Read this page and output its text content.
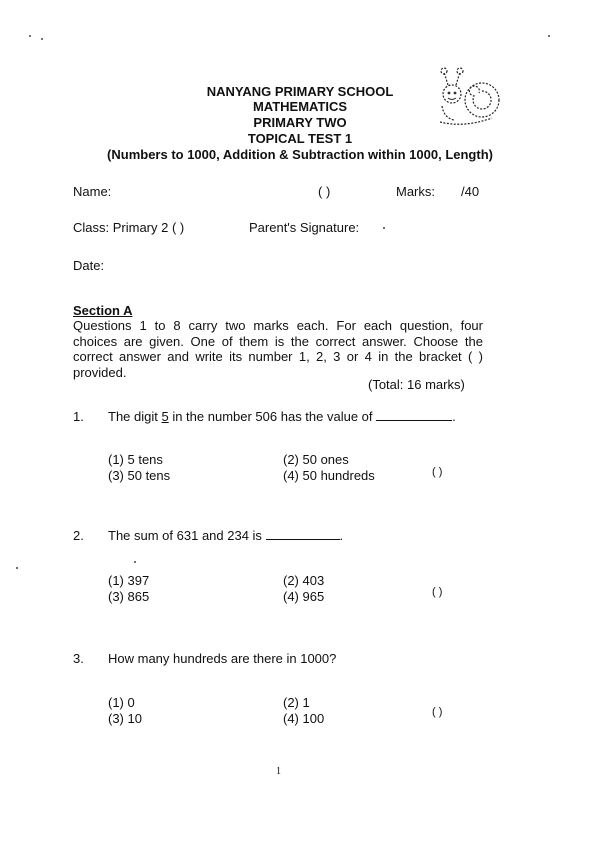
NANYANG PRIMARY SCHOOL
MATHEMATICS
PRIMARY TWO
TOPICAL TEST 1
(Numbers to 1000, Addition & Subtraction within 1000, Length)
Name:	( )	Marks: /40
Class: Primary 2 ( )	Parent's Signature:
Date:
Section A
Questions 1 to 8 carry two marks each. For each question, four choices are given. One of them is the correct answer. Choose the correct answer and write its number 1, 2, 3 or 4 in the bracket ( ) provided.
(Total: 16 marks)
1. The digit 5 in the number 506 has the value of	.
(1) 5 tens	(2) 50 ones
(3) 50 tens	(4) 50 hundreds	( )
2. The sum of 631 and 234 is	.
(1) 397	(2) 403
(3) 865	(4) 965	( )
3. How many hundreds are there in 1000?
(1) 0	(2) 1
(3) 10	(4) 100	( )
1
